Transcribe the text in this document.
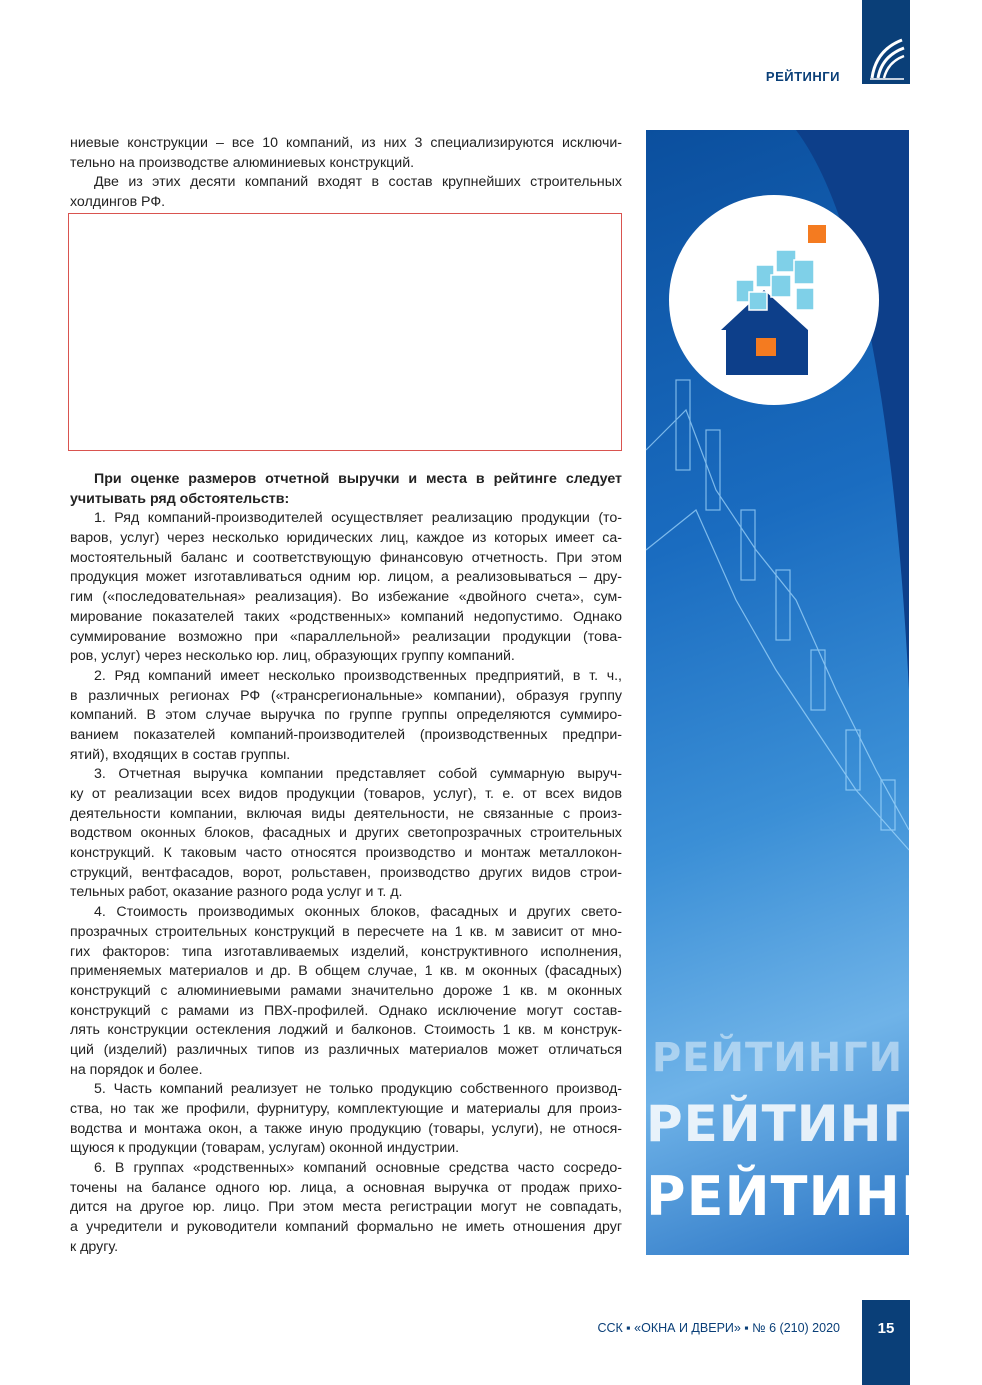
РЕЙТИНГИ
ниевые конструкции – все 10 компаний, из них 3 специализируются исключи-
тельно на производстве алюминиевых конструкций.
Две из этих десяти компаний входят в состав крупнейших строительных
холдингов РФ.
При оценке размеров отчетной выручки и места в рейтинге следует
учитывать ряд обстоятельств:
1. Ряд компаний-производителей осуществляет реализацию продукции (то-
варов, услуг) через несколько юридических лиц, каждое из которых имеет са-
мостоятельный баланс и соответствующую финансовую отчетность. При этом
продукция может изготавливаться одним юр. лицом, а реализовываться – дру-
гим («последовательная» реализация). Во избежание «двойного счета», сум-
мирование показателей таких «родственных» компаний недопустимо. Однако
суммирование возможно при «параллельной» реализации продукции (това-
ров, услуг) через несколько юр. лиц, образующих группу компаний.
2. Ряд компаний имеет несколько производственных предприятий, в т. ч.,
в различных регионах РФ («трансрегиональные» компании), образуя группу
компаний. В этом случае выручка по группе группы определяются суммиро-
ванием показателей компаний-производителей (производственных предпри-
ятий), входящих в состав группы.
3. Отчетная выручка компании представляет собой суммарную выруч-
ку от реализации всех видов продукции (товаров, услуг), т. е. от всех видов
деятельности компании, включая виды деятельности, не связанные с произ-
водством оконных блоков, фасадных и других светопрозрачных строительных
конструкций. К таковым часто относятся производство и монтаж металлокон-
струкций, вентфасадов, ворот, рольставен, производство других видов строи-
тельных работ, оказание разного рода услуг и т. д.
4. Стоимость производимых оконных блоков, фасадных и других свето-
прозрачных строительных конструкций в пересчете на 1 кв. м зависит от мно-
гих факторов: типа изготавливаемых изделий, конструктивного исполнения,
применяемых материалов и др. В общем случае, 1 кв. м оконных (фасадных)
конструкций с алюминиевыми рамами значительно дороже 1 кв. м оконных
конструкций с рамами из ПВХ-профилей. Однако исключение могут состав-
лять конструкции остекления лоджий и балконов. Стоимость 1 кв. м конструк-
ций (изделий) различных типов из различных материалов может отличаться
на порядок и более.
5. Часть компаний реализует не только продукцию собственного производ-
ства, но так же профили, фурнитуру, комплектующие и материалы для произ-
водства и монтажа окон, а также иную продукцию (товары, услуги), не относя-
щуюся к продукции (товарам, услугам) оконной индустрии.
6. В группах «родственных» компаний основные средства часто сосредо-
точены на балансе одного юр. лица, а основная выручка от продаж прихо-
дится на другое юр. лицо. При этом места регистрации могут не совпадать,
а учредители и руководители компаний формально не иметь отношения друг
к другу.
РЕЙТИНГИ
РЕЙТИНГИ
РЕЙТИНГИ
ССК ▪ «ОКНА И ДВЕРИ» ▪ № 6 (210) 2020	15
